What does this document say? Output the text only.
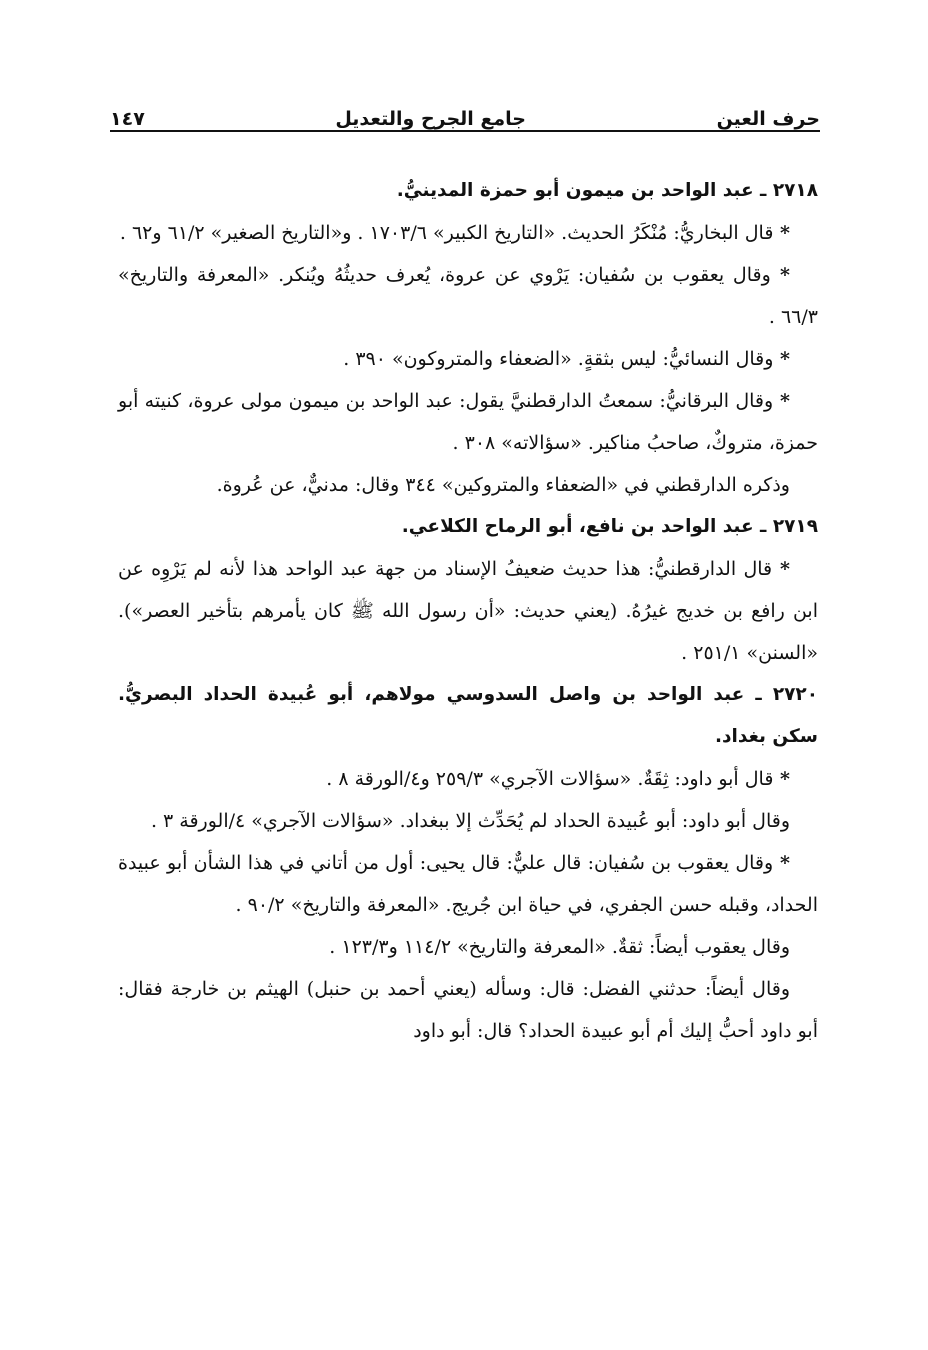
حرف العين
جامع الجرح والتعديل
١٤٧

٢٧١٨ ـ عبد الواحد بن ميمون أبو حمزة المدينيُّ.

* قال البخاريُّ: مُنْكَرُ الحديث. «التاريخ الكبير» ١٧٠٣/٦ . و«التاريخ الصغير» ٦١/٢ و٦٢ .

* وقال يعقوب بن سُفيان: يَرْوي عن عروة، يُعرف حديثُهُ ويُنكر. «المعرفة والتاريخ» ٦٦/٣ .

* وقال النسائيُّ: ليس بثقةٍ. «الضعفاء والمتروكون» ٣٩٠ .

* وقال البرقانيُّ: سمعتُ الدارقطنيَّ يقول: عبد الواحد بن ميمون مولى عروة، كنيته أبو حمزة، متروكٌ، صاحبُ مناكير. «سؤالاته» ٣٠٨ .

وذكره الدارقطني في «الضعفاء والمتروكين» ٣٤٤ وقال: مدنيٌّ، عن عُروة.

٢٧١٩ ـ عبد الواحد بن نافع، أبو الرماح الكلاعي.

* قال الدارقطنيُّ: هذا حديث ضعيفُ الإسناد من جهة عبد الواحد هذا لأنه لم يَرْوِه عن ابن رافع بن خديج غيرُهُ. (يعني حديث: «أن رسول الله ﷺ كان يأمرهم بتأخير العصر»). «السنن» ٢٥١/١ .

٢٧٢٠ ـ عبد الواحد بن واصل السدوسي مولاهم، أبو عُبيدة الحداد البصريُّ. سكن بغداد.

* قال أبو داود: ثِقَةٌ. «سؤالات الآجري» ٢٥٩/٣ و٤/الورقة ٨ .

وقال أبو داود: أبو عُبيدة الحداد لم يُحَدِّث إلا ببغداد. «سؤالات الآجري» ٤/الورقة ٣ .

* وقال يعقوب بن سُفيان: قال عليٌّ: قال يحيى: أول من أتاني في هذا الشأن أبو عبيدة الحداد، وقبله حسن الجفري، في حياة ابن جُريج. «المعرفة والتاريخ» ٩٠/٢ .

وقال يعقوب أيضاً: ثقةٌ. «المعرفة والتاريخ» ١١٤/٢ و١٢٣/٣ .

وقال أيضاً: حدثني الفضل: قال: وسأله (يعني أحمد بن حنبل) الهيثم بن خارجة فقال: أبو داود أحبُّ إليك أم أبو عبيدة الحداد؟ قال: أبو داود
